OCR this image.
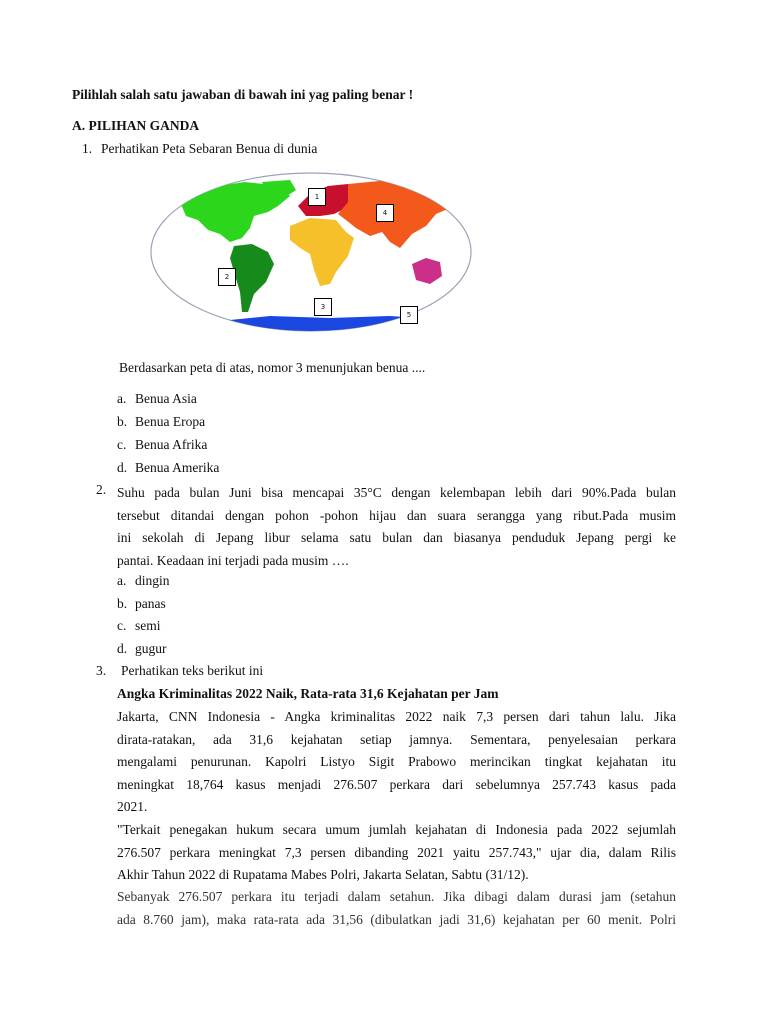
Pilihlah salah satu jawaban di bawah ini yag paling benar !
A. PILIHAN GANDA
1. Perhatikan Peta Sebaran Benua di dunia
1
2
3
4
5
Berdasarkan peta di atas, nomor 3 menunjukan benua ....
a. Benua Asia
b. Benua Eropa
c. Benua Afrika
d. Benua Amerika
2. Suhu pada bulan Juni bisa mencapai 35°C dengan kelembapan lebih dari 90%.Pada bulan
tersebut ditandai dengan pohon -pohon hijau dan suara serangga yang ribut.Pada musim
ini sekolah di Jepang libur selama satu bulan dan biasanya penduduk Jepang pergi ke
pantai. Keadaan ini terjadi pada musim ….
a. dingin
b. panas
c. semi
d. gugur
3. Perhatikan teks berikut ini
Angka Kriminalitas 2022 Naik, Rata-rata 31,6 Kejahatan per Jam
Jakarta, CNN Indonesia - Angka kriminalitas 2022 naik 7,3 persen dari tahun lalu. Jika
dirata-ratakan, ada 31,6 kejahatan setiap jamnya. Sementara, penyelesaian perkara
mengalami penurunan. Kapolri Listyo Sigit Prabowo merincikan tingkat kejahatan itu
meningkat 18,764 kasus menjadi 276.507 perkara dari sebelumnya 257.743 kasus pada
2021.
"Terkait penegakan hukum secara umum jumlah kejahatan di Indonesia pada 2022 sejumlah
276.507 perkara meningkat 7,3 persen dibanding 2021 yaitu 257.743," ujar dia, dalam Rilis
Akhir Tahun 2022 di Rupatama Mabes Polri, Jakarta Selatan, Sabtu (31/12).
Sebanyak 276.507 perkara itu terjadi dalam setahun. Jika dibagi dalam durasi jam (setahun
ada 8.760 jam), maka rata-rata ada 31,56 (dibulatkan jadi 31,6) kejahatan per 60 menit. Polri
